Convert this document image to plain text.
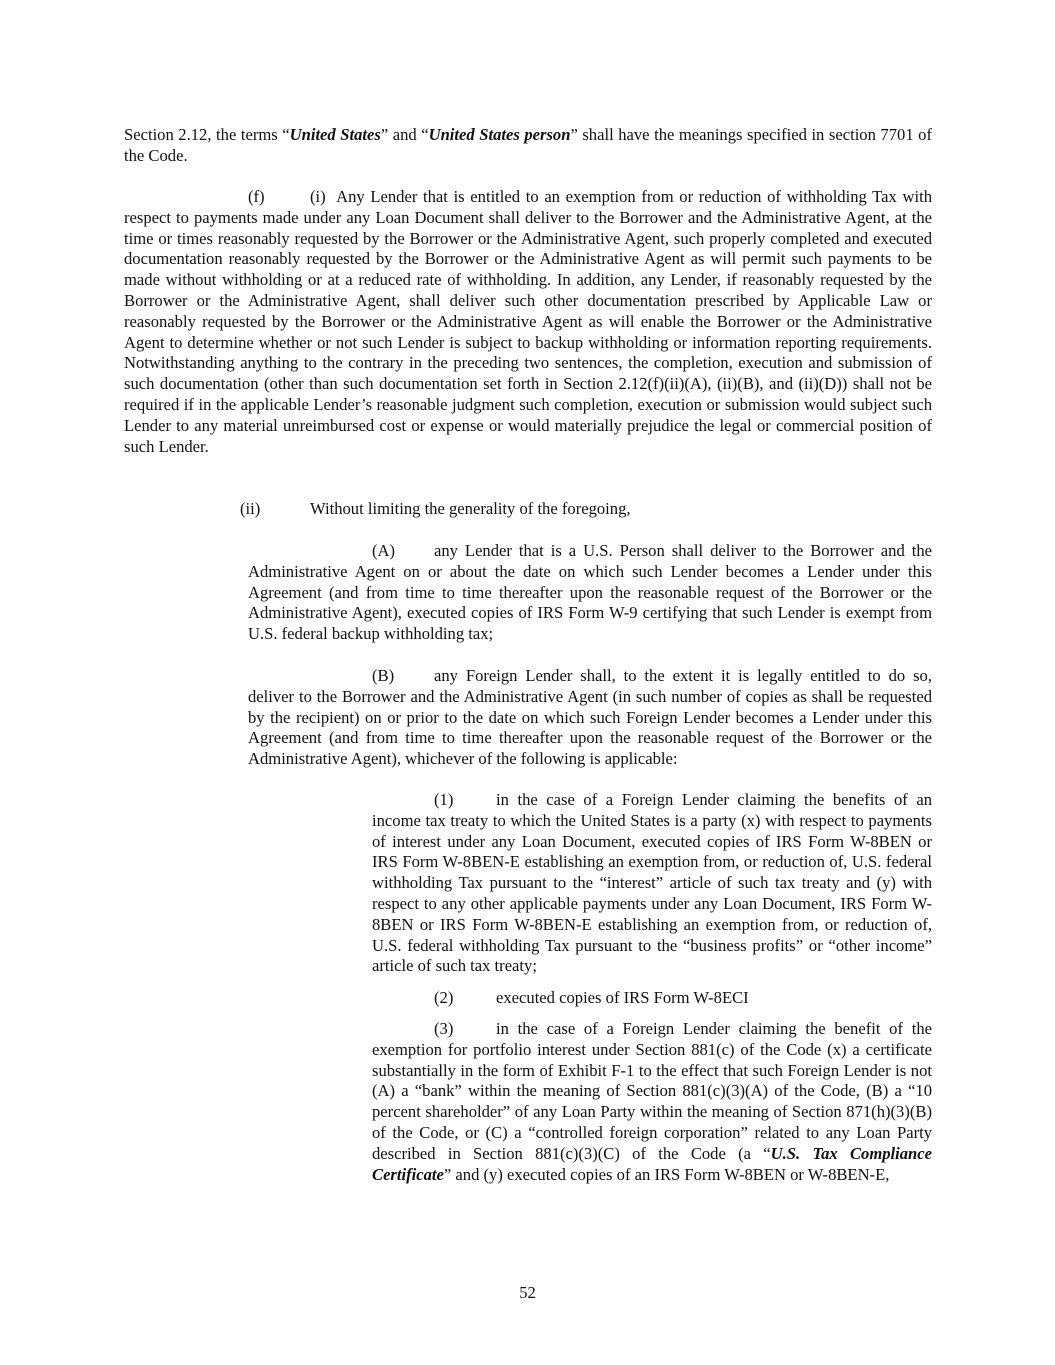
Section 2.12, the terms “United States” and “United States person” shall have the meanings specified in section 7701 of the Code.

(f)	(i) Any Lender that is entitled to an exemption from or reduction of withholding Tax with respect to payments made under any Loan Document shall deliver to the Borrower and the Administrative Agent, at the time or times reasonably requested by the Borrower or the Administrative Agent, such properly completed and executed documentation reasonably requested by the Borrower or the Administrative Agent as will permit such payments to be made without withholding or at a reduced rate of withholding. In addition, any Lender, if reasonably requested by the Borrower or the Administrative Agent, shall deliver such other documentation prescribed by Applicable Law or reasonably requested by the Borrower or the Administrative Agent as will enable the Borrower or the Administrative Agent to determine whether or not such Lender is subject to backup withholding or information reporting requirements. Notwithstanding anything to the contrary in the preceding two sentences, the completion, execution and submission of such documentation (other than such documentation set forth in Section 2.12(f)(ii)(A), (ii)(B), and (ii)(D)) shall not be required if in the applicable Lender’s reasonable judgment such completion, execution or submission would subject such Lender to any material unreimbursed cost or expense or would materially prejudice the legal or commercial position of such Lender.

(ii)	Without limiting the generality of the foregoing,

(A) any Lender that is a U.S. Person shall deliver to the Borrower and the Administrative Agent on or about the date on which such Lender becomes a Lender under this Agreement (and from time to time thereafter upon the reasonable request of the Borrower or the Administrative Agent), executed copies of IRS Form W-9 certifying that such Lender is exempt from U.S. federal backup withholding tax;

(B) any Foreign Lender shall, to the extent it is legally entitled to do so, deliver to the Borrower and the Administrative Agent (in such number of copies as shall be requested by the recipient) on or prior to the date on which such Foreign Lender becomes a Lender under this Agreement (and from time to time thereafter upon the reasonable request of the Borrower or the Administrative Agent), whichever of the following is applicable:

(1)	in the case of a Foreign Lender claiming the benefits of an income tax treaty to which the United States is a party (x) with respect to payments of interest under any Loan Document, executed copies of IRS Form W-8BEN or IRS Form W-8BEN-E establishing an exemption from, or reduction of, U.S. federal withholding Tax pursuant to the “interest” article of such tax treaty and (y) with respect to any other applicable payments under any Loan Document, IRS Form W-8BEN or IRS Form W-8BEN-E establishing an exemption from, or reduction of, U.S. federal withholding Tax pursuant to the “business profits” or “other income” article of such tax treaty;

(2)	executed copies of IRS Form W-8ECI

(3)	in the case of a Foreign Lender claiming the benefit of the exemption for portfolio interest under Section 881(c) of the Code (x) a certificate substantially in the form of Exhibit F-1 to the effect that such Foreign Lender is not (A) a “bank” within the meaning of Section 881(c)(3)(A) of the Code, (B) a “10 percent shareholder” of any Loan Party within the meaning of Section 871(h)(3)(B) of the Code, or (C) a “controlled foreign corporation” related to any Loan Party described in Section 881(c)(3)(C) of the Code (a “U.S. Tax Compliance Certificate” and (y) executed copies of an IRS Form W-8BEN or W-8BEN-E,

52
